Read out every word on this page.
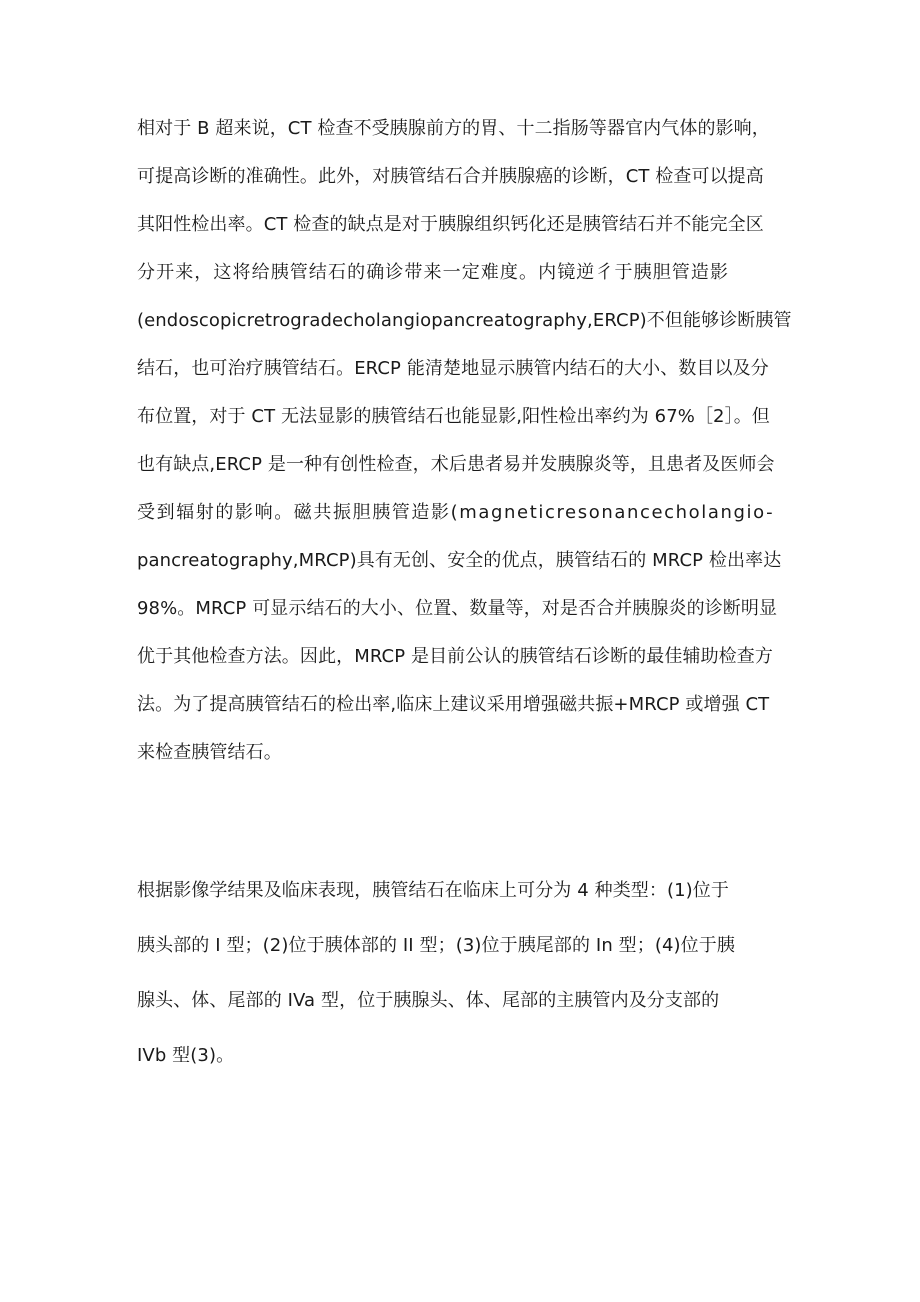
相对于 B 超来说，CT 检查不受胰腺前方的胃、十二指肠等器官内气体的影响，
可提高诊断的准确性。此外，对胰管结石合并胰腺癌的诊断，CT 检查可以提高
其阳性检出率。CT 检查的缺点是对于胰腺组织钙化还是胰管结石并不能完全区
分开来，这将给胰管结石的确诊带来一定难度。内镜逆彳于胰胆管造影
(endoscopicretrogradecholangiopancreatography,ERCP)不但能够诊断胰管
结石，也可治疗胰管结石。ERCP 能清楚地显示胰管内结石的大小、数目以及分
布位置，对于 CT 无法显影的胰管结石也能显影,阳性检出率约为 67%［2］。但
也有缺点,ERCP 是一种有创性检查，术后患者易并发胰腺炎等，且患者及医师会
受到辐射的影响。磁共振胆胰管造影(magneticresonancecholangio-
pancreatography,MRCP)具有无创、安全的优点，胰管结石的 MRCP 检出率达
98%。MRCP 可显示结石的大小、位置、数量等，对是否合并胰腺炎的诊断明显
优于其他检查方法。因此，MRCP 是目前公认的胰管结石诊断的最佳辅助检查方
法。为了提高胰管结石的检出率,临床上建议采用增强磁共振+MRCP 或增强 CT
来检查胰管结石。
根据影像学结果及临床表现，胰管结石在临床上可分为 4 种类型：(1)位于
胰头部的 I 型；(2)位于胰体部的 II 型；(3)位于胰尾部的 In 型；(4)位于胰
腺头、体、尾部的 IVa 型，位于胰腺头、体、尾部的主胰管内及分支部的
IVb 型(3)。
